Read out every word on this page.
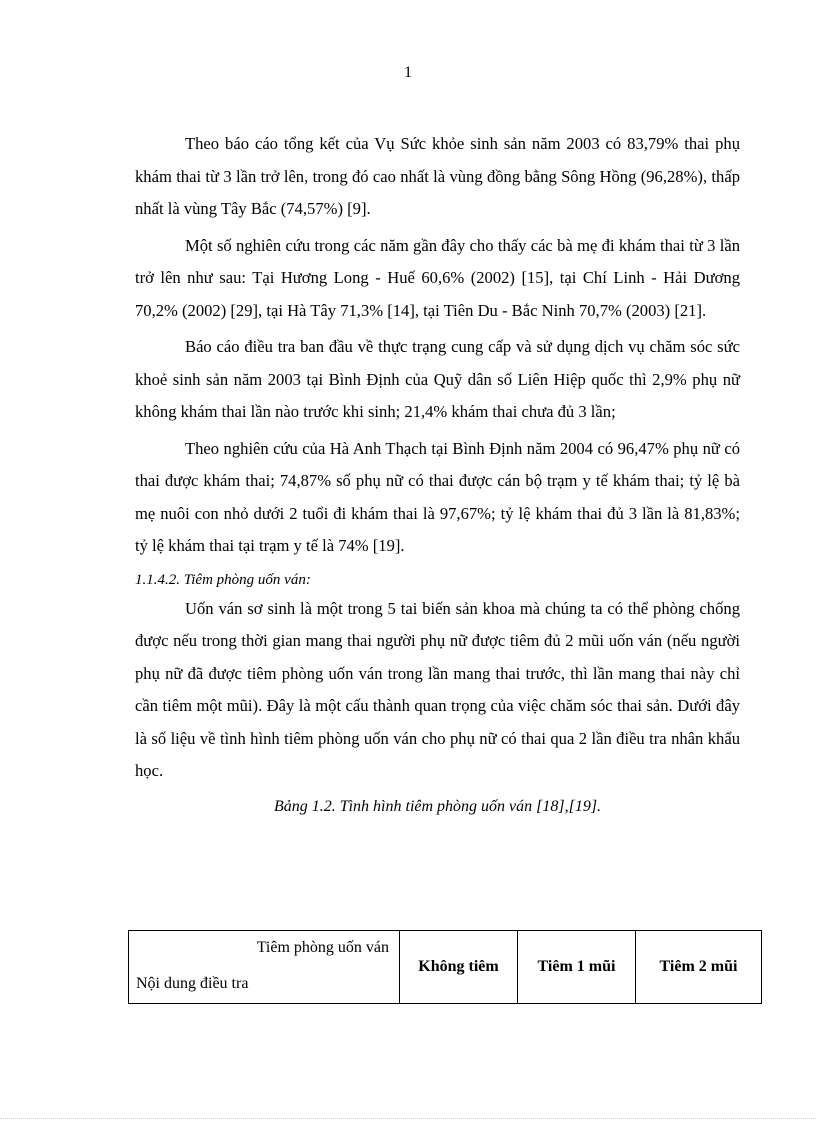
1

Theo báo cáo tổng kết của Vụ Sức khỏe sinh sản năm 2003 có 83,79% thai phụ khám thai từ 3 lần trở lên, trong đó cao nhất là vùng đồng bằng Sông Hồng (96,28%), thấp nhất là vùng Tây Bắc (74,57%) [9].

Một số nghiên cứu trong các năm gần đây cho thấy các bà mẹ đi khám thai từ 3 lần trở lên như sau: Tại Hương Long - Huế 60,6% (2002) [15], tại Chí Linh - Hải Dương 70,2% (2002) [29], tại Hà Tây 71,3% [14], tại Tiên Du - Bắc Ninh 70,7% (2003) [21].

Báo cáo điều tra ban đầu về thực trạng cung cấp và sử dụng dịch vụ chăm sóc sức khoẻ sinh sản năm 2003 tại Bình Định của Quỹ dân số Liên Hiệp quốc thì 2,9% phụ nữ không khám thai lần nào trước khi sinh; 21,4% khám thai chưa đủ 3 lần;

Theo nghiên cứu của Hà Anh Thạch tại Bình Định năm 2004 có 96,47% phụ nữ có thai được khám thai; 74,87% số phụ nữ có thai được cán bộ trạm y tế khám thai; tỷ lệ bà mẹ nuôi con nhỏ dưới 2 tuổi đi khám thai là 97,67%; tỷ lệ khám thai đủ 3 lần là 81,83%; tỷ lệ khám thai tại trạm y tế là 74% [19].

1.1.4.2. Tiêm phòng uốn ván:

Uốn ván sơ sinh là một trong 5 tai biến sản khoa mà chúng ta có thể phòng chống được nếu trong thời gian mang thai người phụ nữ được tiêm đủ 2 mũi uốn ván (nếu người phụ nữ đã được tiêm phòng uốn ván trong lần mang thai trước, thì lần mang thai này chỉ cần tiêm một mũi). Đây là một cấu thành quan trọng của việc chăm sóc thai sản. Dưới đây là số liệu về tình hình tiêm phòng uốn ván cho phụ nữ có thai qua 2 lần điều tra nhân khẩu học.

Bảng 1.2. Tình hình tiêm phòng uốn ván [18],[19].

Tiêm phòng uốn ván
Nội dung điều tra
	Không tiêm	Tiêm 1 mũi	Tiêm 2 mũi
